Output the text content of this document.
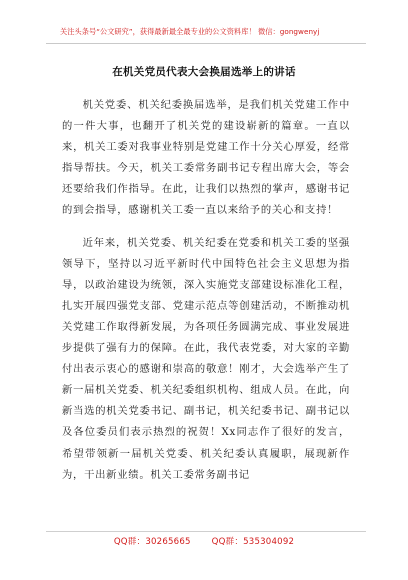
关注头条号“公文研究”，获得最新最全最专业的公文资料库！ 微信：gongwenyj
在机关党员代表大会换届选举上的讲话

机关党委、机关纪委换届选举，是我们机关党建工作中的一件大事，也翻开了机关党的建设崭新的篇章。一直以来，机关工委对我事业特别是党建工作十分关心厚爱，经常指导帮扶。今天，机关工委常务副书记专程出席大会，等会还要给我们作指导。在此，让我们以热烈的掌声，感谢书记的到会指导，感谢机关工委一直以来给予的关心和支持！

近年来，机关党委、机关纪委在党委和机关工委的坚强领导下，坚持以习近平新时代中国特色社会主义思想为指导，以政治建设为统领，深入实施党支部建设标准化工程，扎实开展四强党支部、党建示范点等创建活动，不断推动机关党建工作取得新发展，为各项任务圆满完成、事业发展进步提供了强有力的保障。在此，我代表党委，对大家的辛勤付出表示衷心的感谢和崇高的敬意！刚才，大会选举产生了新一届机关党委、机关纪委组织机构、组成人员。在此，向新当选的机关党委书记、副书记，机关纪委书记、副书记以及各位委员们表示热烈的祝贺！Xx同志作了很好的发言，希望带领新一届机关党委、机关纪委认真履职，展现新作为，干出新业绩。机关工委常务副书记

QQ群：30265665 QQ群：535304092
